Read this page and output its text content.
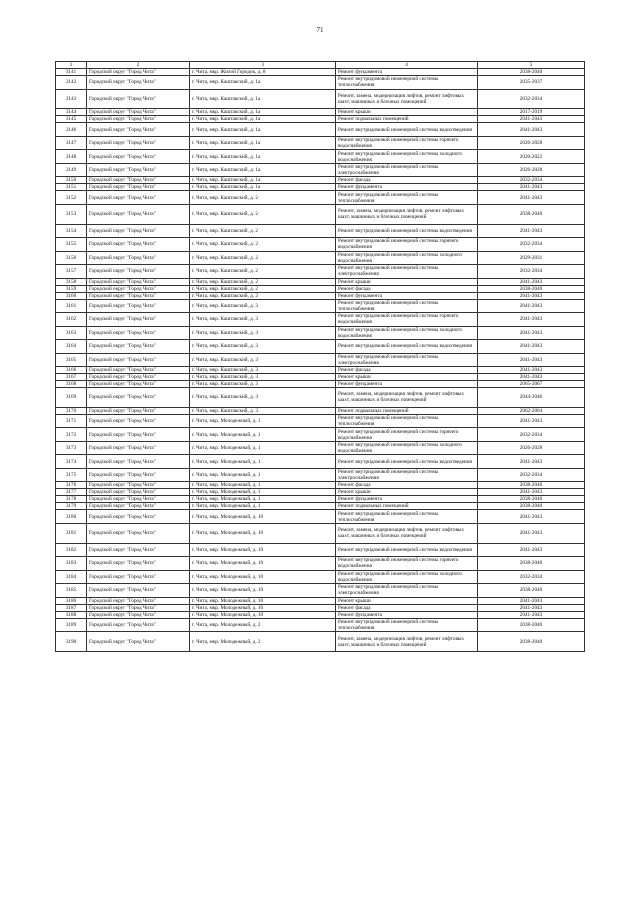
71
1	2	3	4	5
3141	Городской округ "Город Чита"	г. Чита, мкр. Жилой Городок, д. 8	Ремонт фундамента	2038-2040
3142	Городской округ "Город Чита"	г. Чита, мкр. Каштакский, д. 1а	Ремонт внутридомовой инженерной системы теплоснабжения	2035-2037
3143	Городской округ "Город Чита"	г. Чита, мкр. Каштакский, д. 1а	Ремонт, замена, модернизация лифтов, ремонт лифтовых шахт, машинных и блочных помещений	2032-2034
3144	Городской округ "Город Чита"	г. Чита, мкр. Каштакский, д. 1а	Ремонт крыши	2017-2019
3145	Городской округ "Город Чита"	г. Чита, мкр. Каштакский, д. 1а	Ремонт подвальных помещений	2041-2043
3146	Городской округ "Город Чита"	г. Чита, мкр. Каштакский, д. 1а	Ремонт внутридомовой инженерной системы водоотведения	2041-2043
3147	Городской округ "Город Чита"	г. Чита, мкр. Каштакский, д. 1а	Ремонт внутридомовой инженерной системы горячего водоснабжения	2026-2028
3148	Городской округ "Город Чита"	г. Чита, мкр. Каштакский, д. 1а	Ремонт внутридомовой инженерной системы холодного водоснабжения	2020-2022
3149	Городской округ "Город Чита"	г. Чита, мкр. Каштакский, д. 1а	Ремонт внутридомовой инженерной системы электроснабжения	2026-2028
3150	Городской округ "Город Чита"	г. Чита, мкр. Каштакский, д. 1а	Ремонт фасада	2032-2034
3151	Городской округ "Город Чита"	г. Чита, мкр. Каштакский, д. 1а	Ремонт фундамента	2041-2043
3152	Городской округ "Город Чита"	г. Чита, мкр. Каштакский, д. 2	Ремонт внутридомовой инженерной системы теплоснабжения	2041-2043
3153	Городской округ "Город Чита"	г. Чита, мкр. Каштакский, д. 2	Ремонт, замена, модернизация лифтов, ремонт лифтовых шахт, машинных и блочных помещений	2038-2040
3154	Городской округ "Город Чита"	г. Чита, мкр. Каштакский, д. 2	Ремонт внутридомовой инженерной системы водоотведения	2041-2043
3155	Городской округ "Город Чита"	г. Чита, мкр. Каштакский, д. 2	Ремонт внутридомовой инженерной системы горячего водоснабжения	2032-2034
3156	Городской округ "Город Чита"	г. Чита, мкр. Каштакский, д. 2	Ремонт внутридомовой инженерной системы холодного водоснабжения	2029-2031
3157	Городской округ "Город Чита"	г. Чита, мкр. Каштакский, д. 2	Ремонт внутридомовой инженерной системы электроснабжения	2032-2034
3158	Городской округ "Город Чита"	г. Чита, мкр. Каштакский, д. 2	Ремонт крыши	2041-2043
3159	Городской округ "Город Чита"	г. Чита, мкр. Каштакский, д. 2	Ремонт фасада	2038-2040
3160	Городской округ "Город Чита"	г. Чита, мкр. Каштакский, д. 2	Ремонт фундамента	2041-2043
3161	Городской округ "Город Чита"	г. Чита, мкр. Каштакский, д. 3	Ремонт внутридомовой инженерной системы теплоснабжения	2041-2043
3162	Городской округ "Город Чита"	г. Чита, мкр. Каштакский, д. 3	Ремонт внутридомовой инженерной системы горячего водоснабжения	2041-2043
3163	Городской округ "Город Чита"	г. Чита, мкр. Каштакский, д. 3	Ремонт внутридомовой инженерной системы холодного водоснабжения	2041-2043
3164	Городской округ "Город Чита"	г. Чита, мкр. Каштакский, д. 3	Ремонт внутридомовой инженерной системы водоотведения	2041-2043
3165	Городской округ "Город Чита"	г. Чита, мкр. Каштакский, д. 3	Ремонт внутридомовой инженерной системы электроснабжения	2041-2043
3166	Городской округ "Город Чита"	г. Чита, мкр. Каштакский, д. 3	Ремонт фасада	2041-2043
3167	Городской округ "Город Чита"	г. Чита, мкр. Каштакский, д. 3	Ремонт крыши	2041-2043
3168	Городской округ "Город Чита"	г. Чита, мкр. Каштакский, д. 3	Ремонт фундамента	2065-2067
3169	Городской округ "Город Чита"	г. Чита, мкр. Каштакский, д. 3	Ремонт, замена, модернизация лифтов, ремонт лифтовых шахт, машинных и блочных помещений	2044-2046
3170	Городской округ "Город Чита"	г. Чита, мкр. Каштакский, д. 3	Ремонт подвальных помещений	2062-2064
3171	Городской округ "Город Чита"	г. Чита, мкр. Молодежный, д. 1	Ремонт внутридомовой инженерной системы теплоснабжения	2041-2043
3172	Городской округ "Город Чита"	г. Чита, мкр. Молодежный, д. 1	Ремонт внутридомовой инженерной системы горячего водоснабжения	2032-2034
3173	Городской округ "Город Чита"	г. Чита, мкр. Молодежный, д. 1	Ремонт внутридомовой инженерной системы холодного водоснабжения	2026-2028
3174	Городской округ "Город Чита"	г. Чита, мкр. Молодежный, д. 1	Ремонт внутридомовой инженерной системы водоотведения	2041-2043
3175	Городской округ "Город Чита"	г. Чита, мкр. Молодежный, д. 1	Ремонт внутридомовой инженерной системы электроснабжения	2032-2034
3176	Городской округ "Город Чита"	г. Чита, мкр. Молодежный, д. 1	Ремонт фасада	2038-2040
3177	Городской округ "Город Чита"	г. Чита, мкр. Молодежный, д. 1	Ремонт крыши	2041-2043
3178	Городской округ "Город Чита"	г. Чита, мкр. Молодежный, д. 1	Ремонт фундамента	2038-2040
3179	Городской округ "Город Чита"	г. Чита, мкр. Молодежный, д. 1	Ремонт подвальных помещений	2038-2040
3180	Городской округ "Город Чита"	г. Чита, мкр. Молодежный, д. 10	Ремонт внутридомовой инженерной системы теплоснабжения	2041-2043
3181	Городской округ "Город Чита"	г. Чита, мкр. Молодежный, д. 10	Ремонт, замена, модернизация лифтов, ремонт лифтовых шахт, машинных и блочных помещений	2041-2043
3182	Городской округ "Город Чита"	г. Чита, мкр. Молодежный, д. 10	Ремонт внутридомовой инженерной системы водоотведения	2041-2043
3183	Городской округ "Город Чита"	г. Чита, мкр. Молодежный, д. 10	Ремонт внутридомовой инженерной системы горячего водоснабжения	2038-2040
3184	Городской округ "Город Чита"	г. Чита, мкр. Молодежный, д. 10	Ремонт внутридомовой инженерной системы холодного водоснабжения	2032-2034
3185	Городской округ "Город Чита"	г. Чита, мкр. Молодежный, д. 10	Ремонт внутридомовой инженерной системы электроснабжения	2038-2040
3186	Городской округ "Город Чита"	г. Чита, мкр. Молодежный, д. 10	Ремонт крыши	2041-2043
3187	Городской округ "Город Чита"	г. Чита, мкр. Молодежный, д. 10	Ремонт фасада	2041-2043
3188	Городской округ "Город Чита"	г. Чита, мкр. Молодежный, д. 10	Ремонт фундамента	2041-2043
3189	Городской округ "Город Чита"	г. Чита, мкр. Молодежный, д. 2	Ремонт внутридомовой инженерной системы теплоснабжения	2038-2040
3190	Городской округ "Город Чита"	г. Чита, мкр. Молодежный, д. 2	Ремонт, замена, модернизация лифтов, ремонт лифтовых шахт, машинных и блочных помещений	2038-2040
